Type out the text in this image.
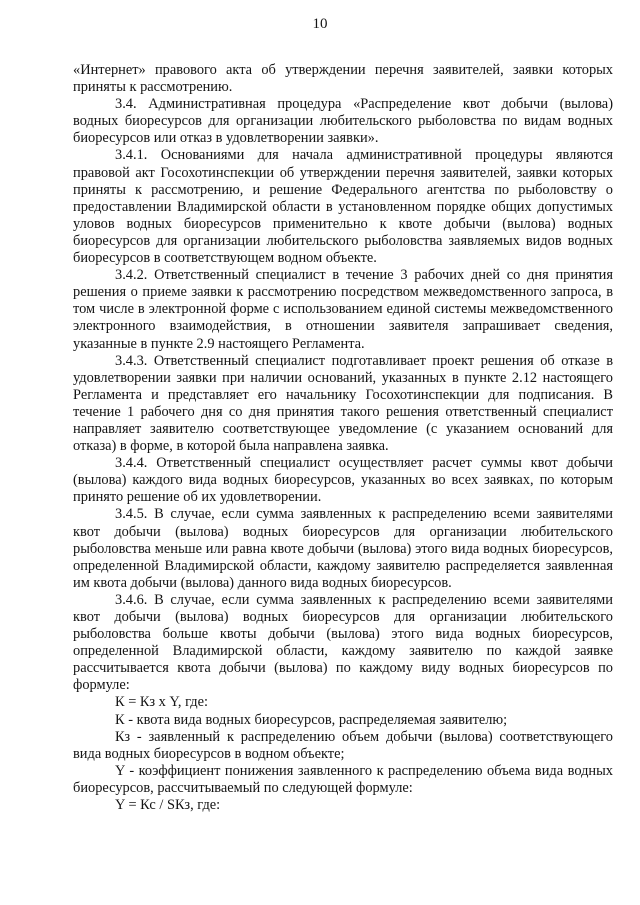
10

«Интернет» правового акта об утверждении перечня заявителей, заявки которых приняты к рассмотрению.

3.4. Административная процедура «Распределение квот добычи (вылова) водных биоресурсов для организации любительского рыболовства по видам водных биоресурсов или отказ в удовлетворении заявки».

3.4.1. Основаниями для начала административной процедуры являются правовой акт Госохотинспекции об утверждении перечня заявителей, заявки которых приняты к рассмотрению, и решение Федерального агентства по рыболовству о предоставлении Владимирской области в установленном порядке общих допустимых уловов водных биоресурсов применительно к квоте добычи (вылова) водных биоресурсов для организации любительского рыболовства заявляемых видов водных биоресурсов в соответствующем водном объекте.

3.4.2. Ответственный специалист в течение 3 рабочих дней со дня принятия решения о приеме заявки к рассмотрению посредством межведомственного запроса, в том числе в электронной форме с использованием единой системы межведомственного электронного взаимодействия, в отношении заявителя запрашивает сведения, указанные в пункте 2.9 настоящего Регламента.

3.4.3. Ответственный специалист подготавливает проект решения об отказе в удовлетворении заявки при наличии оснований, указанных в пункте 2.12 настоящего Регламента и представляет его начальнику Госохотинспекции для подписания. В течение 1 рабочего дня со дня принятия такого решения ответственный специалист направляет заявителю соответствующее уведомление (с указанием оснований для отказа) в форме, в которой была направлена заявка.

3.4.4. Ответственный специалист осуществляет расчет суммы квот добычи (вылова) каждого вида водных биоресурсов, указанных во всех заявках, по которым принято решение об их удовлетворении.

3.4.5. В случае, если сумма заявленных к распределению всеми заявителями квот добычи (вылова) водных биоресурсов для организации любительского рыболовства меньше или равна квоте добычи (вылова) этого вида водных биоресурсов, определенной Владимирской области, каждому заявителю распределяется заявленная им квота добычи (вылова) данного вида водных биоресурсов.

3.4.6. В случае, если сумма заявленных к распределению всеми заявителями квот добычи (вылова) водных биоресурсов для организации любительского рыболовства больше квоты добычи (вылова) этого вида водных биоресурсов, определенной Владимирской области, каждому заявителю по каждой заявке рассчитывается квота добычи (вылова) по каждому виду водных биоресурсов по формуле:

К = Кз х Y, где:

К - квота вида водных биоресурсов, распределяемая заявителю;

Кз - заявленный к распределению объем добычи (вылова) соответствующего вида водных биоресурсов в водном объекте;

Y - коэффициент понижения заявленного к распределению объема вида водных биоресурсов, рассчитываемый по следующей формуле:

Y = Кс / SКз, где:
